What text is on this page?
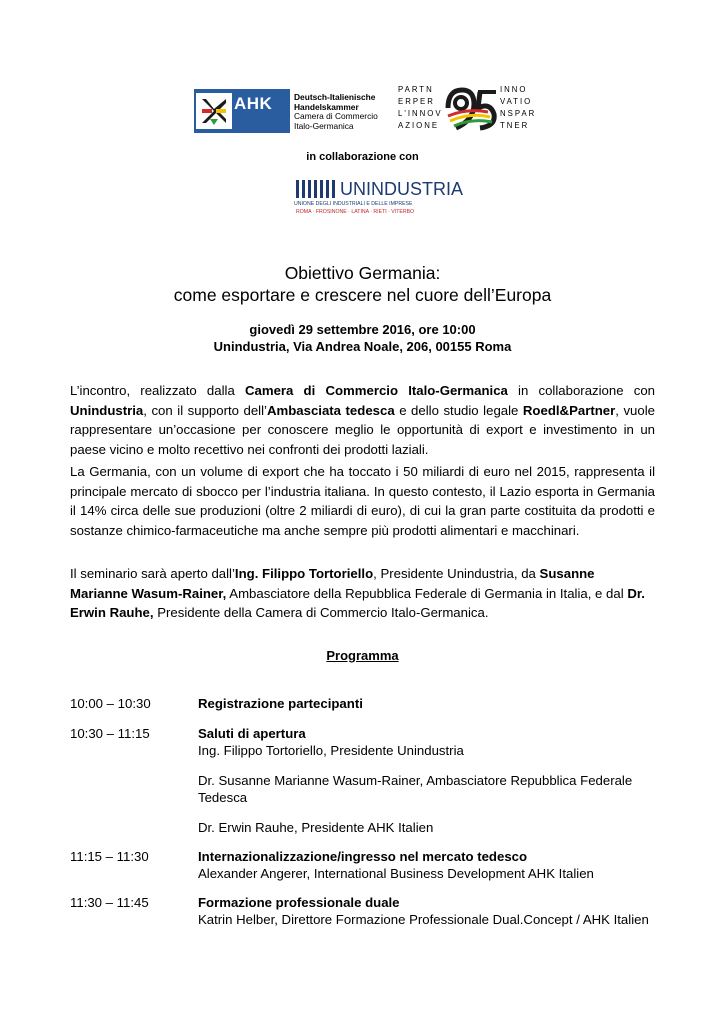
AHK	Deutsch-Italienische
Handelskammer
Camera di Commercio
Italo-Germanica
PARTN
ERPER
L'INNOV
AZIONE
INNO
VATIO
NSPAR
TNER
in collaborazione con
UNINDUSTRIA
UNIONE DEGLI INDUSTRIALI E DELLE IMPRESE
ROMA · FROSINONE · LATINA · RIETI · VITERBO
Obiettivo Germania:
come esportare e crescere nel cuore dell’Europa
giovedì 29 settembre 2016, ore 10:00
Unindustria, Via Andrea Noale, 206, 00155 Roma
L’incontro, realizzato dalla Camera di Commercio Italo-Germanica in collaborazione con Unindustria, con il supporto dell’Ambasciata tedesca e dello studio legale Roedl&Partner, vuole rappresentare un’occasione per conoscere meglio le opportunità di export e investimento in un paese vicino e molto recettivo nei confronti dei prodotti laziali.
La Germania, con un volume di export che ha toccato i 50 miliardi di euro nel 2015, rappresenta il principale mercato di sbocco per l’industria italiana. In questo contesto, il Lazio esporta in Germania il 14% circa delle sue produzioni (oltre 2 miliardi di euro), di cui la gran parte costituita da prodotti e sostanze chimico-farmaceutiche ma anche sempre più prodotti alimentari e macchinari.
Il seminario sarà aperto dall’Ing. Filippo Tortoriello, Presidente Unindustria, da Susanne Marianne Wasum-Rainer, Ambasciatore della Repubblica Federale di Germania in Italia, e dal Dr. Erwin Rauhe, Presidente della Camera di Commercio Italo-Germanica.
Programma
10:00 – 10:30	Registrazione partecipanti
10:30 – 11:15	Saluti di apertura
Ing. Filippo Tortoriello, Presidente Unindustria
Dr. Susanne Marianne Wasum-Rainer, Ambasciatore Repubblica Federale Tedesca
Dr. Erwin Rauhe, Presidente AHK Italien
11:15 – 11:30	Internazionalizzazione/ingresso nel mercato tedesco
Alexander Angerer, International Business Development AHK Italien
11:30 – 11:45	Formazione professionale duale
Katrin Helber, Direttore Formazione Professionale Dual.Concept / AHK Italien
